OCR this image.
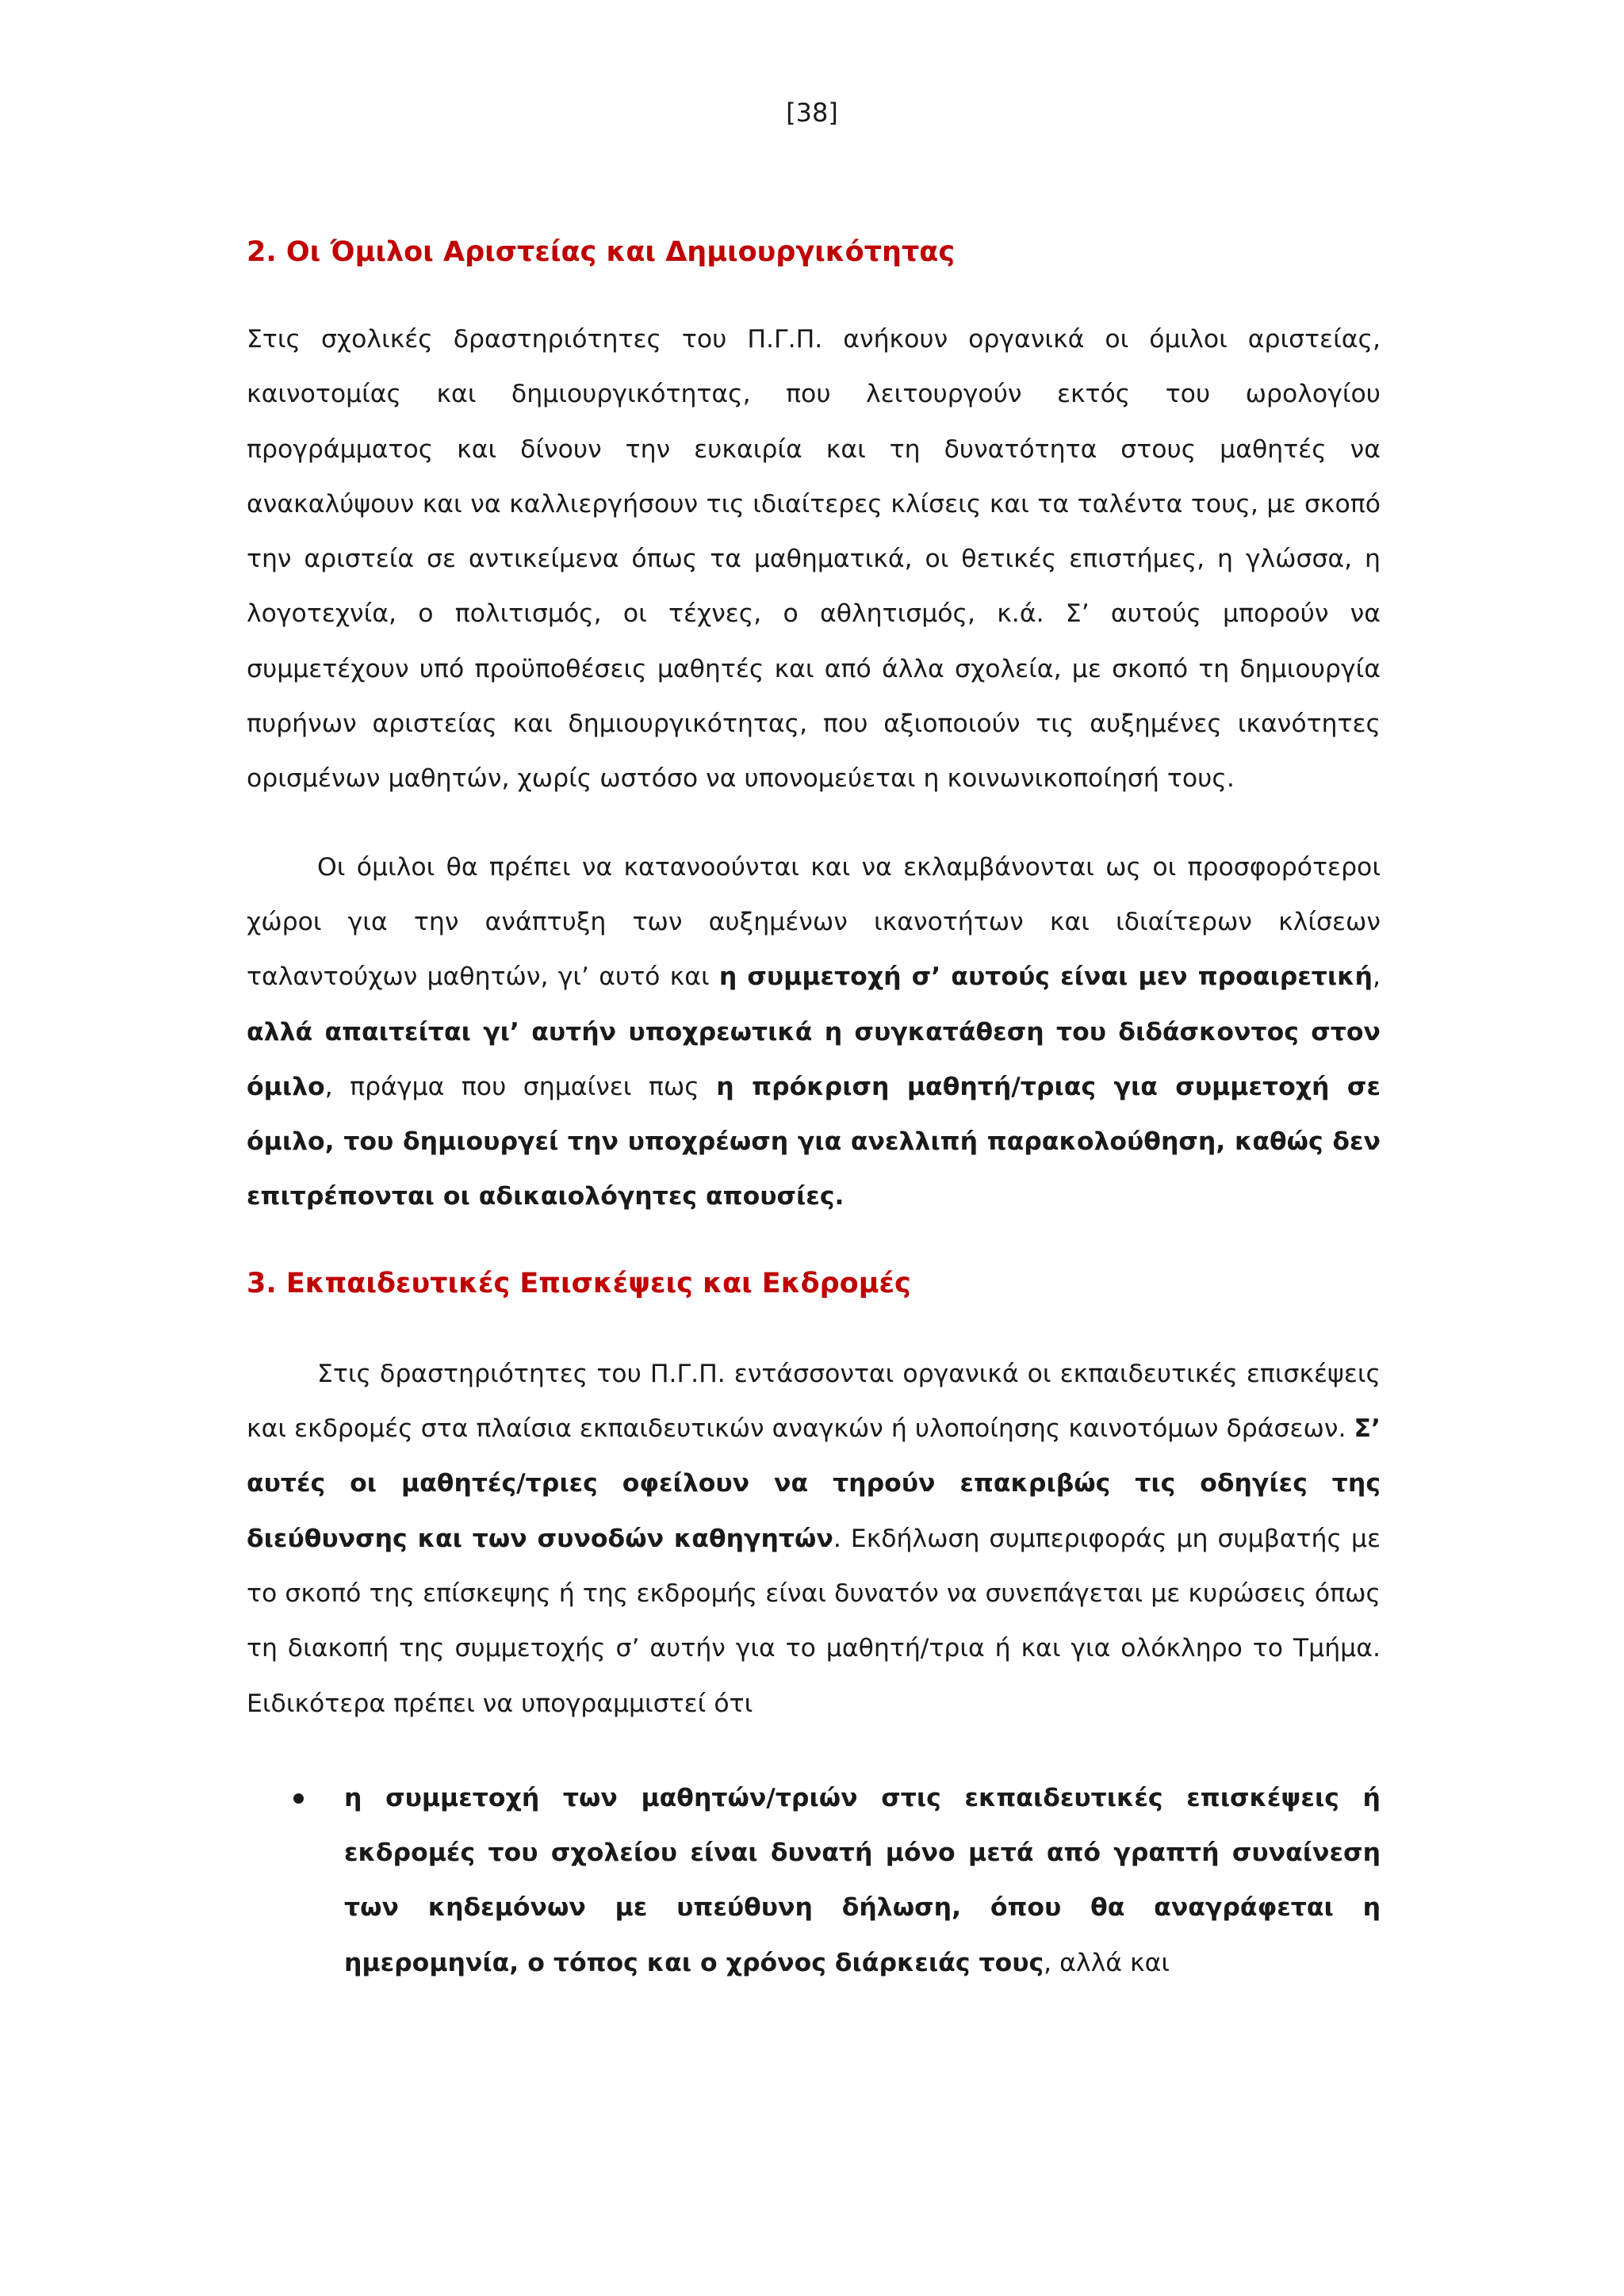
[38]
2. Οι Όμιλοι Αριστείας και Δημιουργικότητας

Στις σχολικές δραστηριότητες του Π.Γ.Π. ανήκουν οργανικά οι όμιλοι αριστείας, καινοτομίας και δημιουργικότητας, που λειτουργούν εκτός του ωρολογίου προγράμματος και δίνουν την ευκαιρία και τη δυνατότητα στους μαθητές να ανακαλύψουν και να καλλιεργήσουν τις ιδιαίτερες κλίσεις και τα ταλέντα τους, με σκοπό την αριστεία σε αντικείμενα όπως τα μαθηματικά, οι θετικές επιστήμες, η γλώσσα, η λογοτεχνία, ο πολιτισμός, οι τέχνες, ο αθλητισμός, κ.ά. Σ’ αυτούς μπορούν να συμμετέχουν υπό προϋποθέσεις μαθητές και από άλλα σχολεία, με σκοπό τη δημιουργία πυρήνων αριστείας και δημιουργικότητας, που αξιοποιούν τις αυξημένες ικανότητες ορισμένων μαθητών, χωρίς ωστόσο να υπονομεύεται η κοινωνικοποίησή τους.

Οι όμιλοι θα πρέπει να κατανοούνται και να εκλαμβάνονται ως οι προσφορότεροι χώροι για την ανάπτυξη των αυξημένων ικανοτήτων και ιδιαίτερων κλίσεων ταλαντούχων μαθητών, γι’ αυτό και η συμμετοχή σ’ αυτούς είναι μεν προαιρετική, αλλά απαιτείται γι’ αυτήν υποχρεωτικά η συγκατάθεση του διδάσκοντος στον όμιλο, πράγμα που σημαίνει πως η πρόκριση μαθητή/τριας για συμμετοχή σε όμιλο, του δημιουργεί την υποχρέωση για ανελλιπή παρακολούθηση, καθώς δεν επιτρέπονται οι αδικαιολόγητες απουσίες.

3. Εκπαιδευτικές Επισκέψεις και Εκδρομές

Στις δραστηριότητες του Π.Γ.Π. εντάσσονται οργανικά οι εκπαιδευτικές επισκέψεις και εκδρομές στα πλαίσια εκπαιδευτικών αναγκών ή υλοποίησης καινοτόμων δράσεων. Σ’ αυτές οι μαθητές/τριες οφείλουν να τηρούν επακριβώς τις οδηγίες της διεύθυνσης και των συνοδών καθηγητών. Εκδήλωση συμπεριφοράς μη συμβατής με το σκοπό της επίσκεψης ή της εκδρομής είναι δυνατόν να συνεπάγεται με κυρώσεις όπως τη διακοπή της συμμετοχής σ’ αυτήν για το μαθητή/τρια ή και για ολόκληρο το Τμήμα. Ειδικότερα πρέπει να υπογραμμιστεί ότι

η συμμετοχή των μαθητών/τριών στις εκπαιδευτικές επισκέψεις ή εκδρομές του σχολείου είναι δυνατή μόνο μετά από γραπτή συναίνεση των κηδεμόνων με υπεύθυνη δήλωση, όπου θα αναγράφεται η ημερομηνία, ο τόπος και ο χρόνος διάρκειάς τους, αλλά και
